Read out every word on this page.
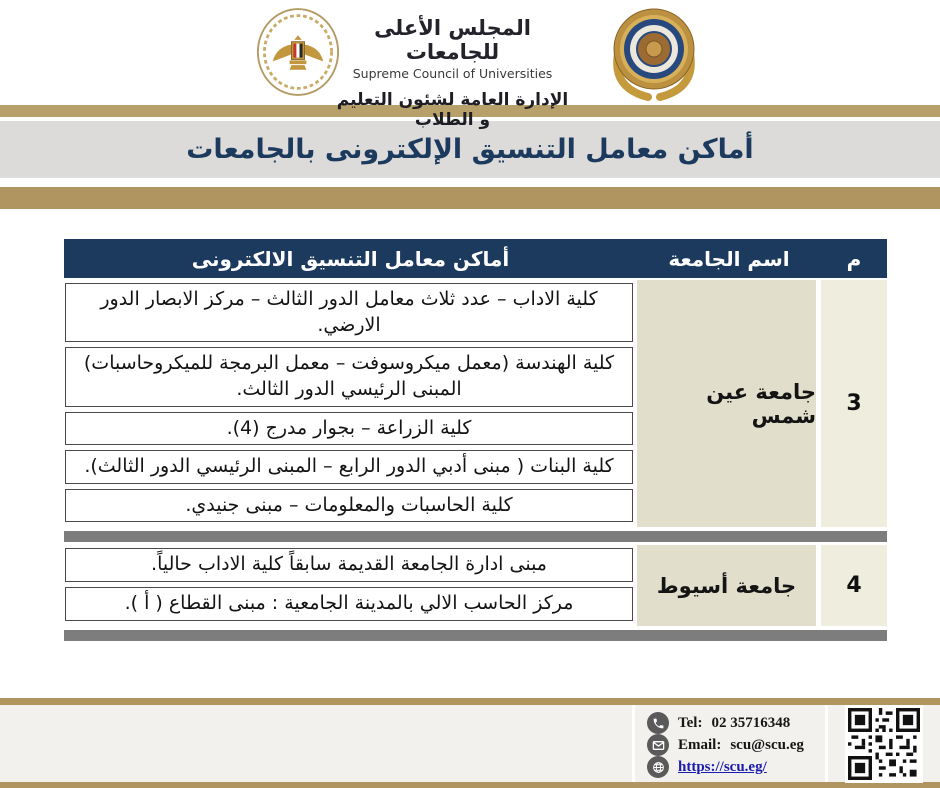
المجلس الأعلى للجامعات
Supreme Council of Universities
الإدارة العامة لشئون التعليم و الطلاب
أماكن معامل التنسيق الإلكترونى بالجامعات
م
اسم الجامعة
أماكن معامل التنسيق الالكترونى
3
جامعة عين شمس
كلية الاداب – عدد ثلاث معامل الدور الثالث – مركز الابصار الدور الارضي.
كلية الهندسة (معمل ميكروسوفت – معمل البرمجة للميكروحاسبات) المبنى الرئيسي الدور الثالث.
كلية الزراعة – بجوار مدرج (4).
كلية البنات ( مبنى أدبي الدور الرابع – المبنى الرئيسي الدور الثالث).
كلية الحاسبات والمعلومات – مبنى جنيدي.
4
جامعة أسيوط
مبنى ادارة الجامعة القديمة سابقاً كلية الاداب حالياً.
مركز الحاسب الالي بالمدينة الجامعية : مبنى القطاع ( أ ).
Tel: 02 35716348
Email: scu@scu.eg
https://scu.eg/
